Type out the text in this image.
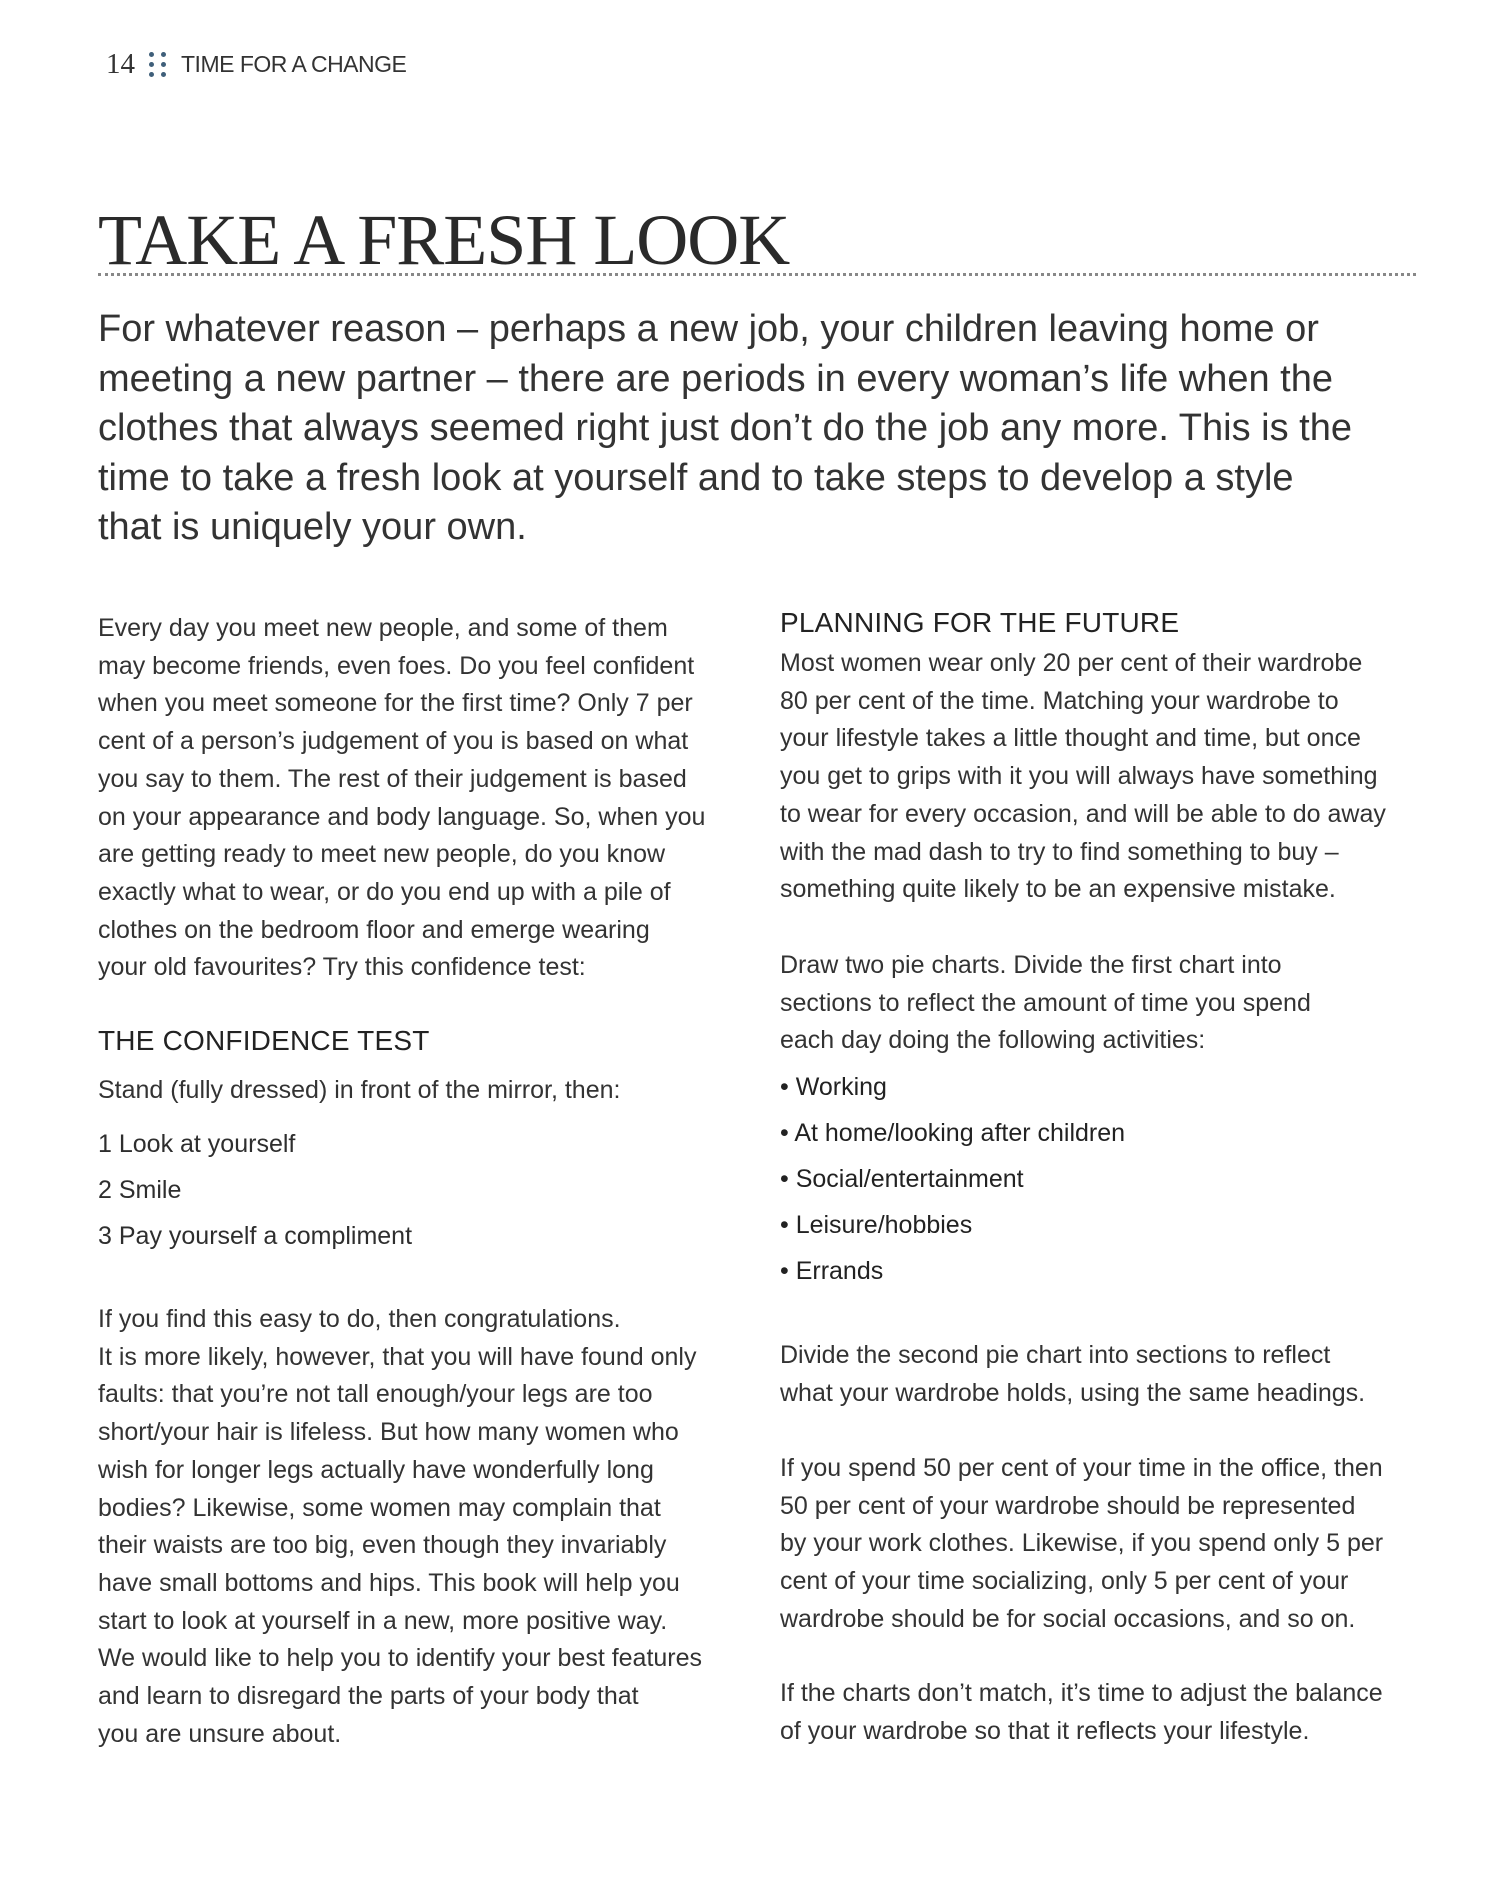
14 TIME FOR A CHANGE
TAKE A FRESH LOOK
For whatever reason – perhaps a new job, your children leaving home or
meeting a new partner – there are periods in every woman’s life when the
clothes that always seemed right just don’t do the job any more. This is the
time to take a fresh look at yourself and to take steps to develop a style
that is uniquely your own.
Every day you meet new people, and some of them
may become friends, even foes. Do you feel confident
when you meet someone for the first time? Only 7 per
cent of a person’s judgement of you is based on what
you say to them. The rest of their judgement is based
on your appearance and body language. So, when you
are getting ready to meet new people, do you know
exactly what to wear, or do you end up with a pile of
clothes on the bedroom floor and emerge wearing
your old favourites? Try this confidence test:
THE CONFIDENCE TEST
Stand (fully dressed) in front of the mirror, then:
1 Look at yourself
2 Smile
3 Pay yourself a compliment
If you find this easy to do, then congratulations.
It is more likely, however, that you will have found only
faults: that you’re not tall enough/your legs are too
short/your hair is lifeless. But how many women who
wish for longer legs actually have wonderfully long
bodies? Likewise, some women may complain that
their waists are too big, even though they invariably
have small bottoms and hips. This book will help you
start to look at yourself in a new, more positive way.
We would like to help you to identify your best features
and learn to disregard the parts of your body that
you are unsure about.
PLANNING FOR THE FUTURE
Most women wear only 20 per cent of their wardrobe
80 per cent of the time. Matching your wardrobe to
your lifestyle takes a little thought and time, but once
you get to grips with it you will always have something
to wear for every occasion, and will be able to do away
with the mad dash to try to find something to buy –
something quite likely to be an expensive mistake.
Draw two pie charts. Divide the first chart into
sections to reflect the amount of time you spend
each day doing the following activities:
• Working
• At home/looking after children
• Social/entertainment
• Leisure/hobbies
• Errands
Divide the second pie chart into sections to reflect
what your wardrobe holds, using the same headings.
If you spend 50 per cent of your time in the office, then
50 per cent of your wardrobe should be represented
by your work clothes. Likewise, if you spend only 5 per
cent of your time socializing, only 5 per cent of your
wardrobe should be for social occasions, and so on.
If the charts don’t match, it’s time to adjust the balance
of your wardrobe so that it reflects your lifestyle.
